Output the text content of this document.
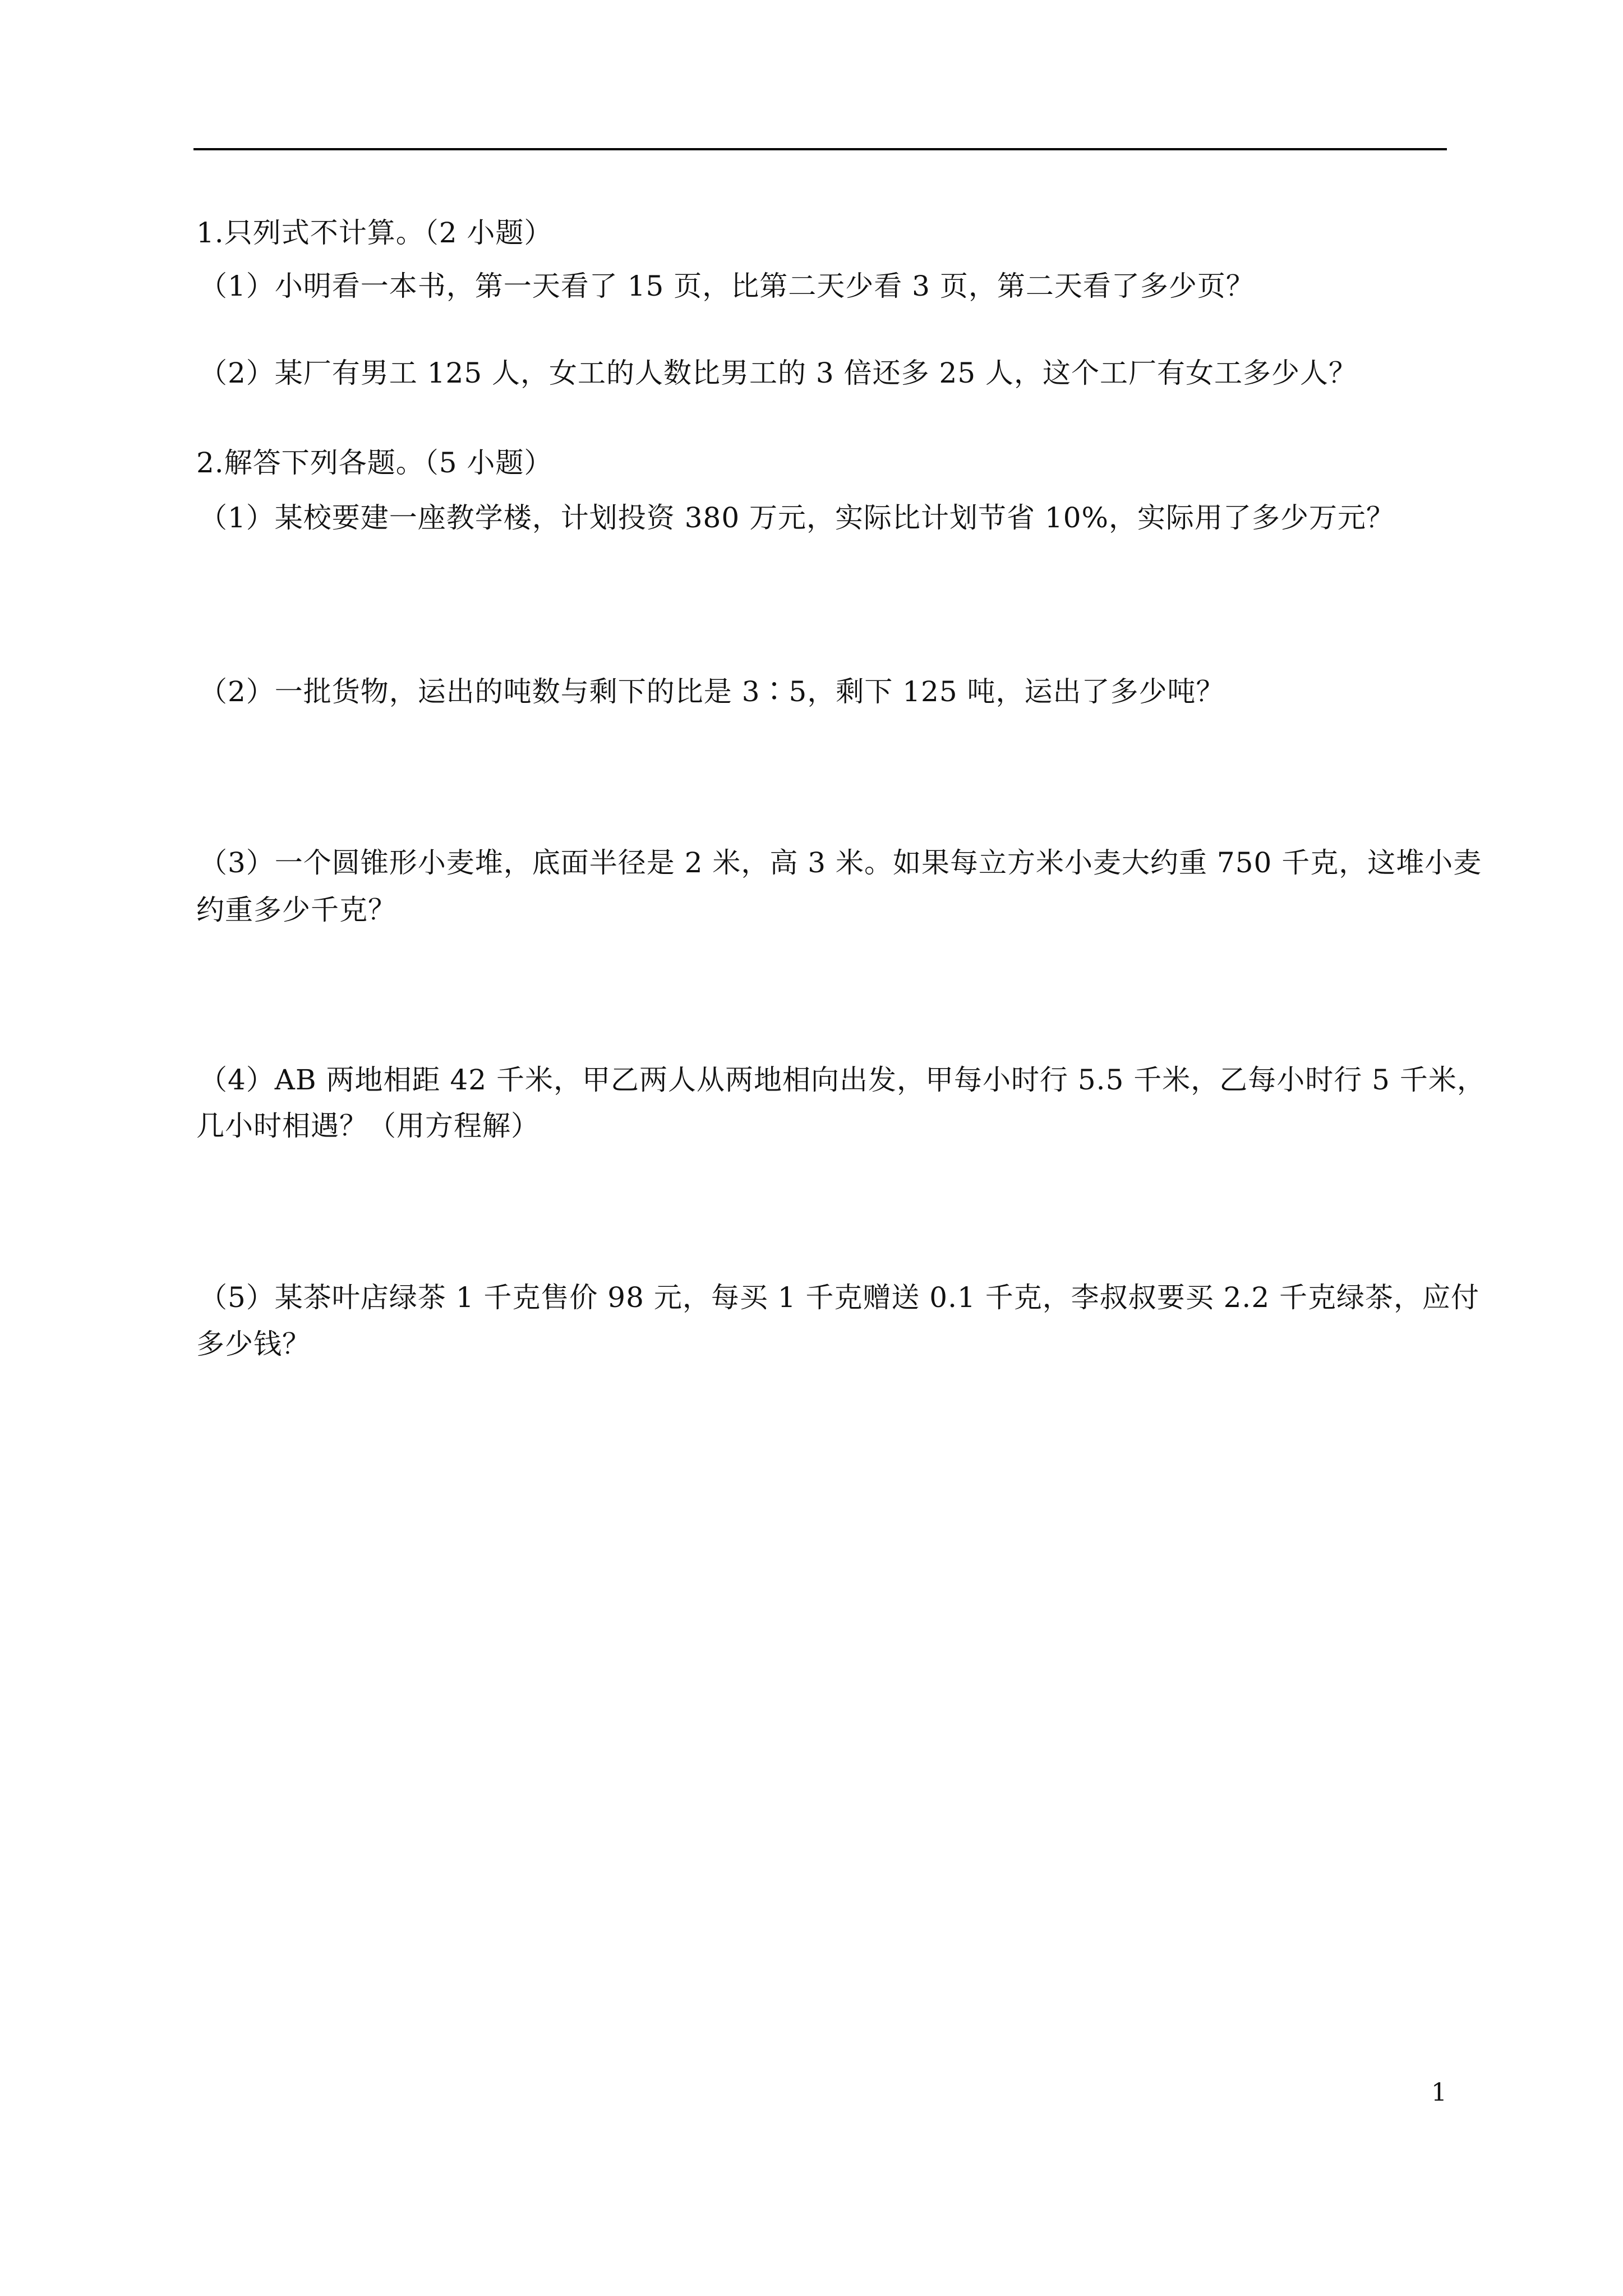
1.只列式不计算。（2 小题）
（1）小明看一本书，第一天看了 15 页，比第二天少看 3 页，第二天看了多少页？
（2）某厂有男工 125 人，女工的人数比男工的 3 倍还多 25 人，这个工厂有女工多少人？
2.解答下列各题。（5 小题）
（1）某校要建一座教学楼，计划投资 380 万元，实际比计划节省 10%，实际用了多少万元？
（2）一批货物，运出的吨数与剩下的比是 3∶5，剩下 125 吨，运出了多少吨？
（3）一个圆锥形小麦堆，底面半径是 2 米，高 3 米。如果每立方米小麦大约重 750 千克，这堆小麦
约重多少千克？
（4）AB 两地相距 42 千米，甲乙两人从两地相向出发，甲每小时行 5.5 千米，乙每小时行 5 千米，
几小时相遇？（用方程解）
（5）某茶叶店绿茶 1 千克售价 98 元，每买 1 千克赠送 0.1 千克，李叔叔要买 2.2 千克绿茶，应付
多少钱？
1
